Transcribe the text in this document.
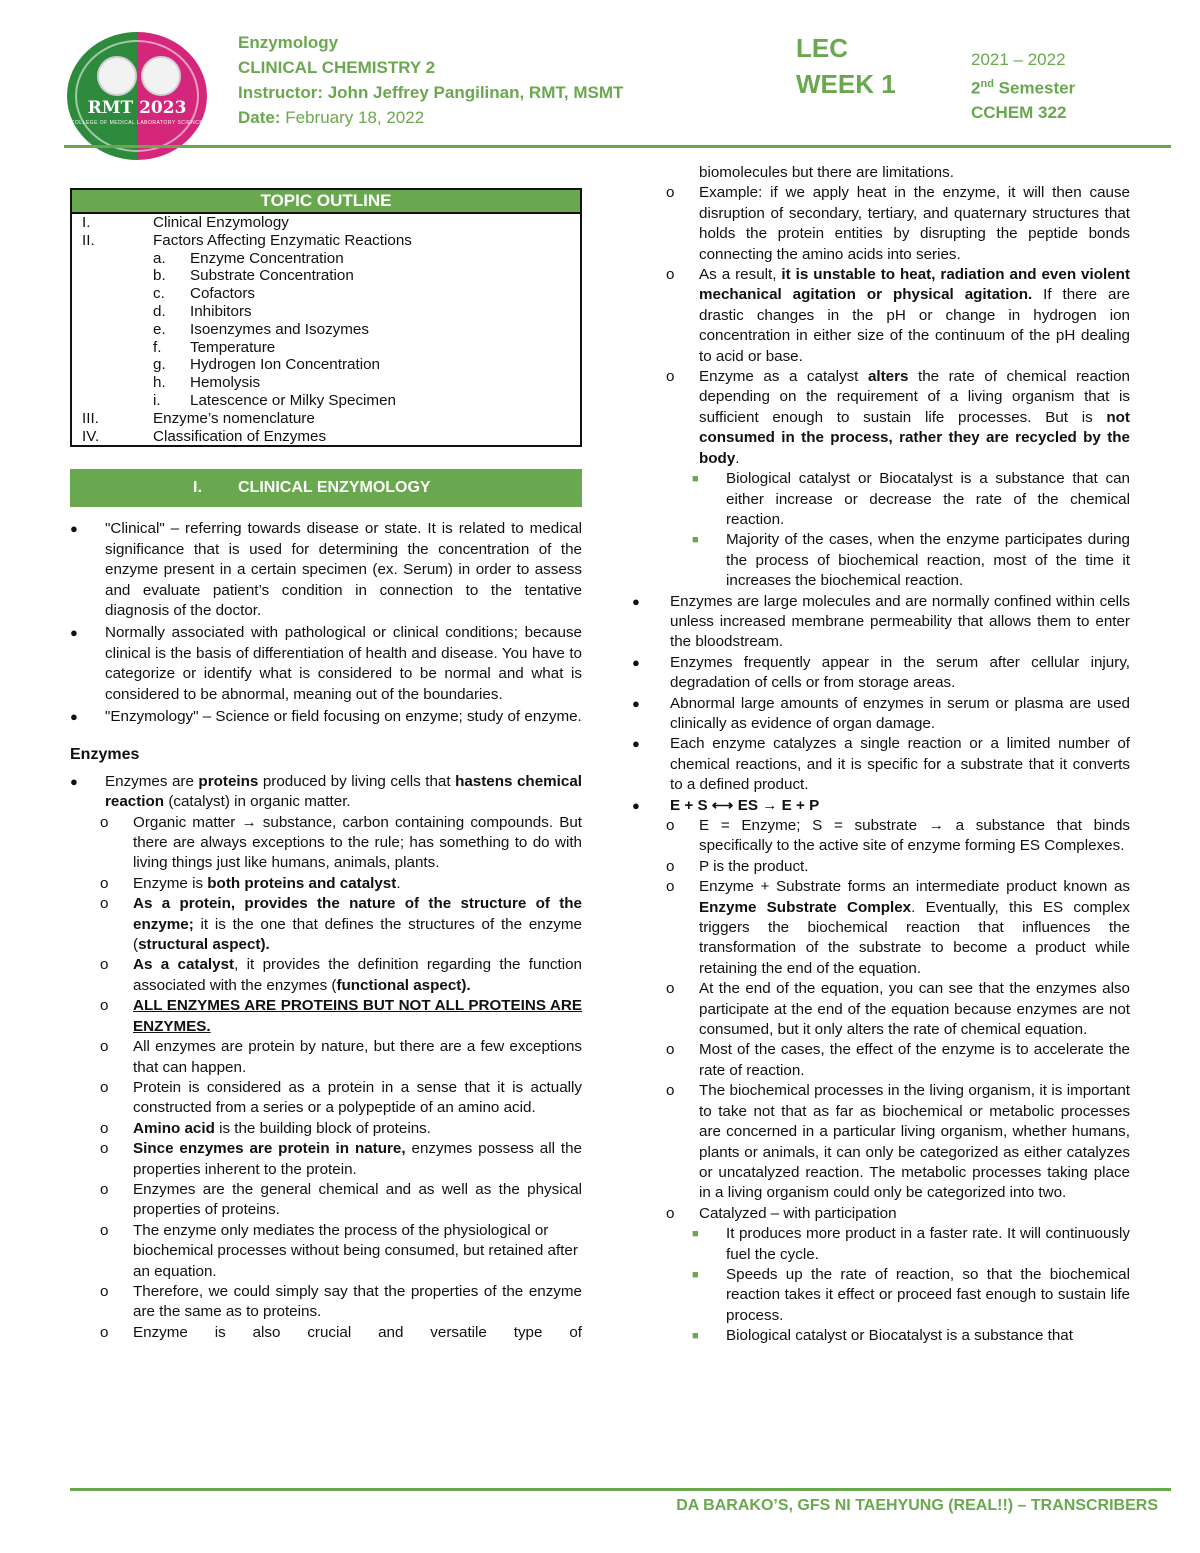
RMT 2023
COLLEGE OF MEDICAL LABORATORY SCIENCE
Enzymology
CLINICAL CHEMISTRY 2
Instructor: John Jeffrey Pangilinan, RMT, MSMT
Date: February 18, 2022
LEC
WEEK 1
2021 – 2022
2nd Semester
CCHEM 322
TOPIC OUTLINE
I.	Clinical Enzymology
II.	Factors Affecting Enzymatic Reactions
a. Enzyme Concentration
b. Substrate Concentration
c. Cofactors
d. Inhibitors
e. Isoenzymes and Isozymes
f. Temperature
g. Hydrogen Ion Concentration
h. Hemolysis
i. Latescence or Milky Specimen
III.	Enzyme’s nomenclature
IV.	Classification of Enzymes
I. CLINICAL ENZYMOLOGY
● "Clinical" – referring towards disease or state. It is related to medical significance that is used for determining the concentration of the enzyme present in a certain specimen (ex. Serum) in order to assess and evaluate patient’s condition in connection to the tentative diagnosis of the doctor.
● Normally associated with pathological or clinical conditions; because clinical is the basis of differentiation of health and disease. You have to categorize or identify what is considered to be normal and what is considered to be abnormal, meaning out of the boundaries.
● "Enzymology" – Science or field focusing on enzyme; study of enzyme.
Enzymes
● Enzymes are proteins produced by living cells that hastens chemical reaction (catalyst) in organic matter.
o Organic matter → substance, carbon containing compounds. But there are always exceptions to the rule; has something to do with living things just like humans, animals, plants.
o Enzyme is both proteins and catalyst.
o As a protein, provides the nature of the structure of the enzyme; it is the one that defines the structures of the enzyme (structural aspect).
o As a catalyst, it provides the definition regarding the function associated with the enzymes (functional aspect).
o ALL ENZYMES ARE PROTEINS BUT NOT ALL PROTEINS ARE ENZYMES.
o All enzymes are protein by nature, but there are a few exceptions that can happen.
o Protein is considered as a protein in a sense that it is actually constructed from a series or a polypeptide of an amino acid.
o Amino acid is the building block of proteins.
o Since enzymes are protein in nature, enzymes possess all the properties inherent to the protein.
o Enzymes are the general chemical and as well as the physical properties of proteins.
o The enzyme only mediates the process of the physiological or biochemical processes without being consumed, but retained after an equation.
o Therefore, we could simply say that the properties of the enzyme are the same as to proteins.
o Enzyme is also crucial and versatile type of
biomolecules but there are limitations.
o Example: if we apply heat in the enzyme, it will then cause disruption of secondary, tertiary, and quaternary structures that holds the protein entities by disrupting the peptide bonds connecting the amino acids into series.
o As a result, it is unstable to heat, radiation and even violent mechanical agitation or physical agitation. If there are drastic changes in the pH or change in hydrogen ion concentration in either size of the continuum of the pH dealing to acid or base.
o Enzyme as a catalyst alters the rate of chemical reaction depending on the requirement of a living organism that is sufficient enough to sustain life processes. But is not consumed in the process, rather they are recycled by the body.
■ Biological catalyst or Biocatalyst is a substance that can either increase or decrease the rate of the chemical reaction.
■ Majority of the cases, when the enzyme participates during the process of biochemical reaction, most of the time it increases the biochemical reaction.
● Enzymes are large molecules and are normally confined within cells unless increased membrane permeability that allows them to enter the bloodstream.
● Enzymes frequently appear in the serum after cellular injury, degradation of cells or from storage areas.
● Abnormal large amounts of enzymes in serum or plasma are used clinically as evidence of organ damage.
● Each enzyme catalyzes a single reaction or a limited number of chemical reactions, and it is specific for a substrate that it converts to a defined product.
● E + S ⟷ ES → E + P
o E = Enzyme; S = substrate → a substance that binds specifically to the active site of enzyme forming ES Complexes.
o P is the product.
o Enzyme + Substrate forms an intermediate product known as Enzyme Substrate Complex. Eventually, this ES complex triggers the biochemical reaction that influences the transformation of the substrate to become a product while retaining the end of the equation.
o At the end of the equation, you can see that the enzymes also participate at the end of the equation because enzymes are not consumed, but it only alters the rate of chemical equation.
o Most of the cases, the effect of the enzyme is to accelerate the rate of reaction.
o The biochemical processes in the living organism, it is important to take not that as far as biochemical or metabolic processes are concerned in a particular living organism, whether humans, plants or animals, it can only be categorized as either catalyzes or uncatalyzed reaction. The metabolic processes taking place in a living organism could only be categorized into two.
o Catalyzed – with participation
■ It produces more product in a faster rate. It will continuously fuel the cycle.
■ Speeds up the rate of reaction, so that the biochemical reaction takes it effect or proceed fast enough to sustain life process.
■ Biological catalyst or Biocatalyst is a substance that
DA BARAKO’S, GFS NI TAEHYUNG (REAL!!) – TRANSCRIBERS
